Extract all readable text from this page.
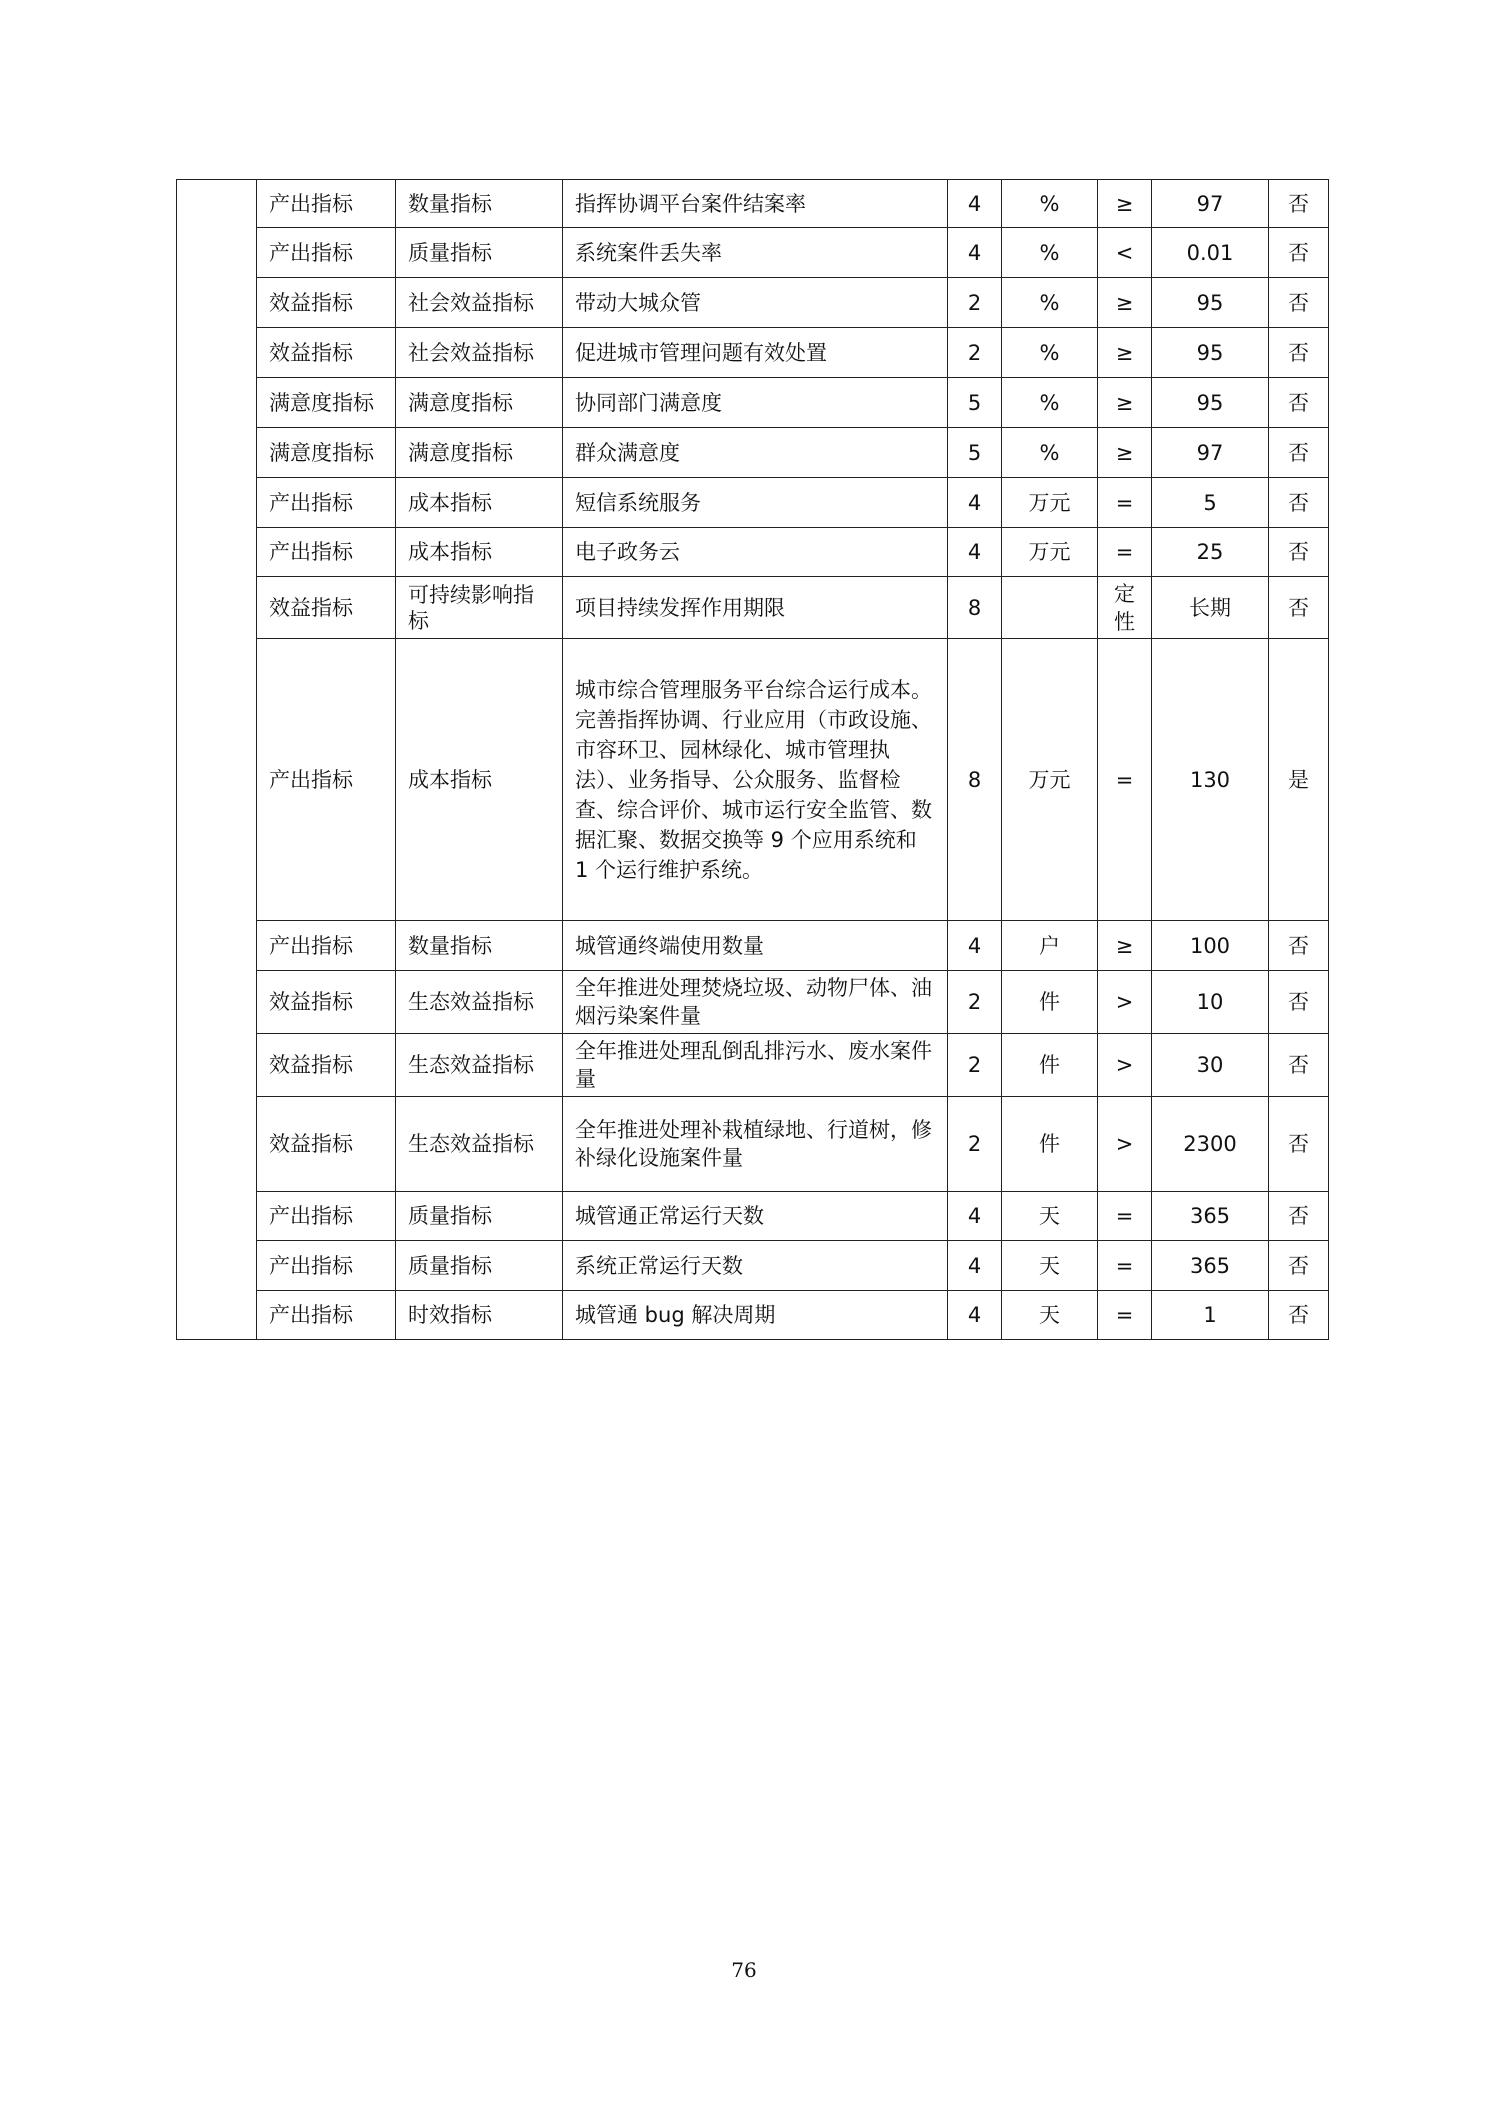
	产出指标	数量指标	指挥协调平台案件结案率	4	%	≥	97	否
	产出指标	质量指标	系统案件丢失率	4	%	<	0.01	否
	效益指标	社会效益指标	带动大城众管	2	%	≥	95	否
	效益指标	社会效益指标	促进城市管理问题有效处置	2	%	≥	95	否
	满意度指标	满意度指标	协同部门满意度	5	%	≥	95	否
	满意度指标	满意度指标	群众满意度	5	%	≥	97	否
	产出指标	成本指标	短信系统服务	4	万元	=	5	否
	产出指标	成本指标	电子政务云	4	万元	=	25	否
	效益指标	可持续影响指标	项目持续发挥作用期限	8		定性	长期	否
	产出指标	成本指标	城市综合管理服务平台综合运行成本。完善指挥协调、行业应用（市政设施、市容环卫、园林绿化、城市管理执法）、业务指导、公众服务、监督检查、综合评价、城市运行安全监管、数据汇聚、数据交换等 9 个应用系统和 1 个运行维护系统。	8	万元	=	130	是
	产出指标	数量指标	城管通终端使用数量	4	户	≥	100	否
	效益指标	生态效益指标	全年推进处理焚烧垃圾、动物尸体、油烟污染案件量	2	件	>	10	否
	效益指标	生态效益指标	全年推进处理乱倒乱排污水、废水案件量	2	件	>	30	否
	效益指标	生态效益指标	全年推进处理补栽植绿地、行道树，修补绿化设施案件量	2	件	>	2300	否
	产出指标	质量指标	城管通正常运行天数	4	天	=	365	否
	产出指标	质量指标	系统正常运行天数	4	天	=	365	否
	产出指标	时效指标	城管通 bug 解决周期	4	天	=	1	否
76
